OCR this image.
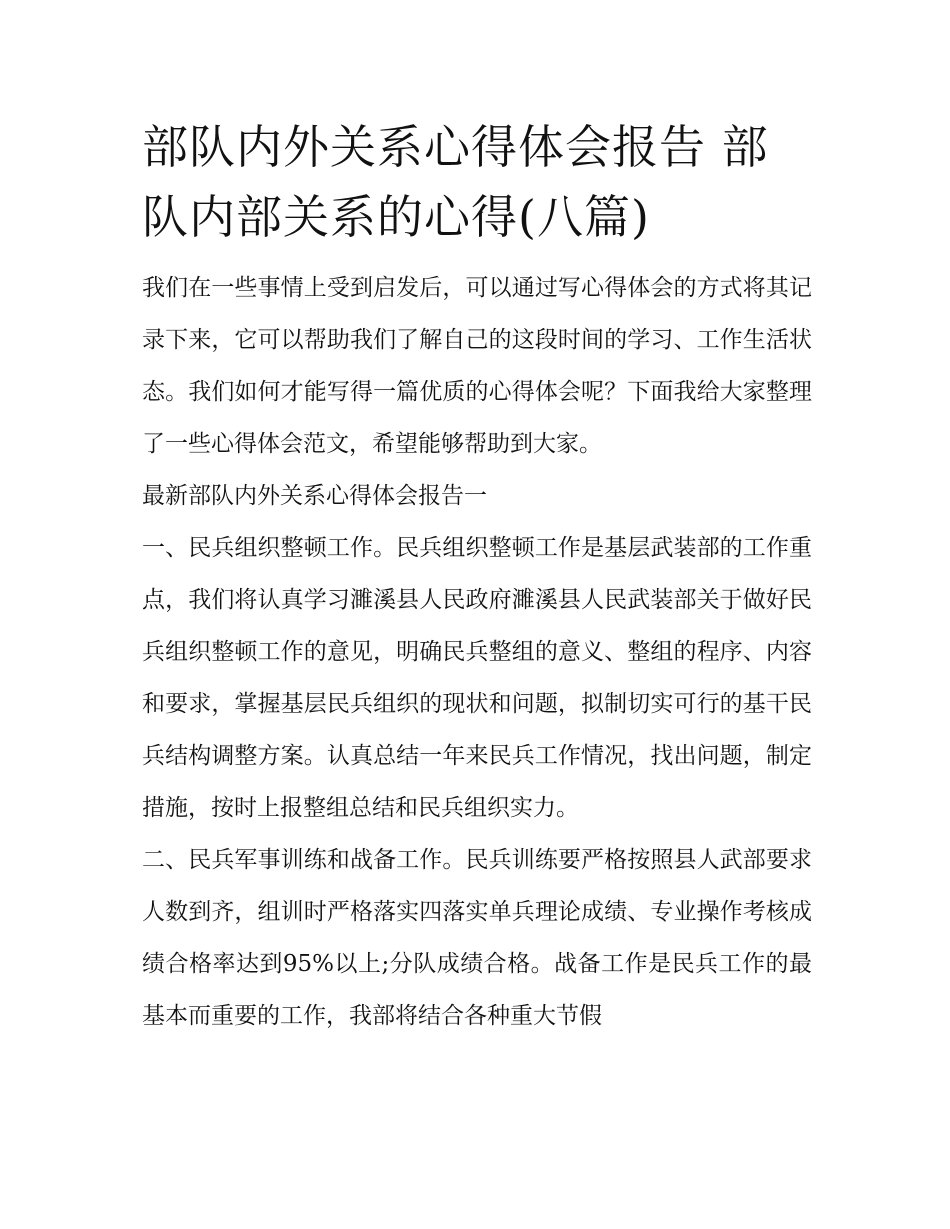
部队内外关系心得体会报告 部队内部关系的心得(八篇)

我们在一些事情上受到启发后，可以通过写心得体会的方式将其记录下来，它可以帮助我们了解自己的这段时间的学习、工作生活状态。我们如何才能写得一篇优质的心得体会呢？下面我给大家整理了一些心得体会范文，希望能够帮助到大家。

最新部队内外关系心得体会报告一

一、民兵组织整顿工作。民兵组织整顿工作是基层武装部的工作重点，我们将认真学习濉溪县人民政府濉溪县人民武装部关于做好民兵组织整顿工作的意见，明确民兵整组的意义、整组的程序、内容和要求，掌握基层民兵组织的现状和问题，拟制切实可行的基干民兵结构调整方案。认真总结一年来民兵工作情况，找出问题，制定措施，按时上报整组总结和民兵组织实力。

二、民兵军事训练和战备工作。民兵训练要严格按照县人武部要求人数到齐，组训时严格落实四落实单兵理论成绩、专业操作考核成绩合格率达到95%以上;分队成绩合格。战备工作是民兵工作的最基本而重要的工作，我部将结合各种重大节假
